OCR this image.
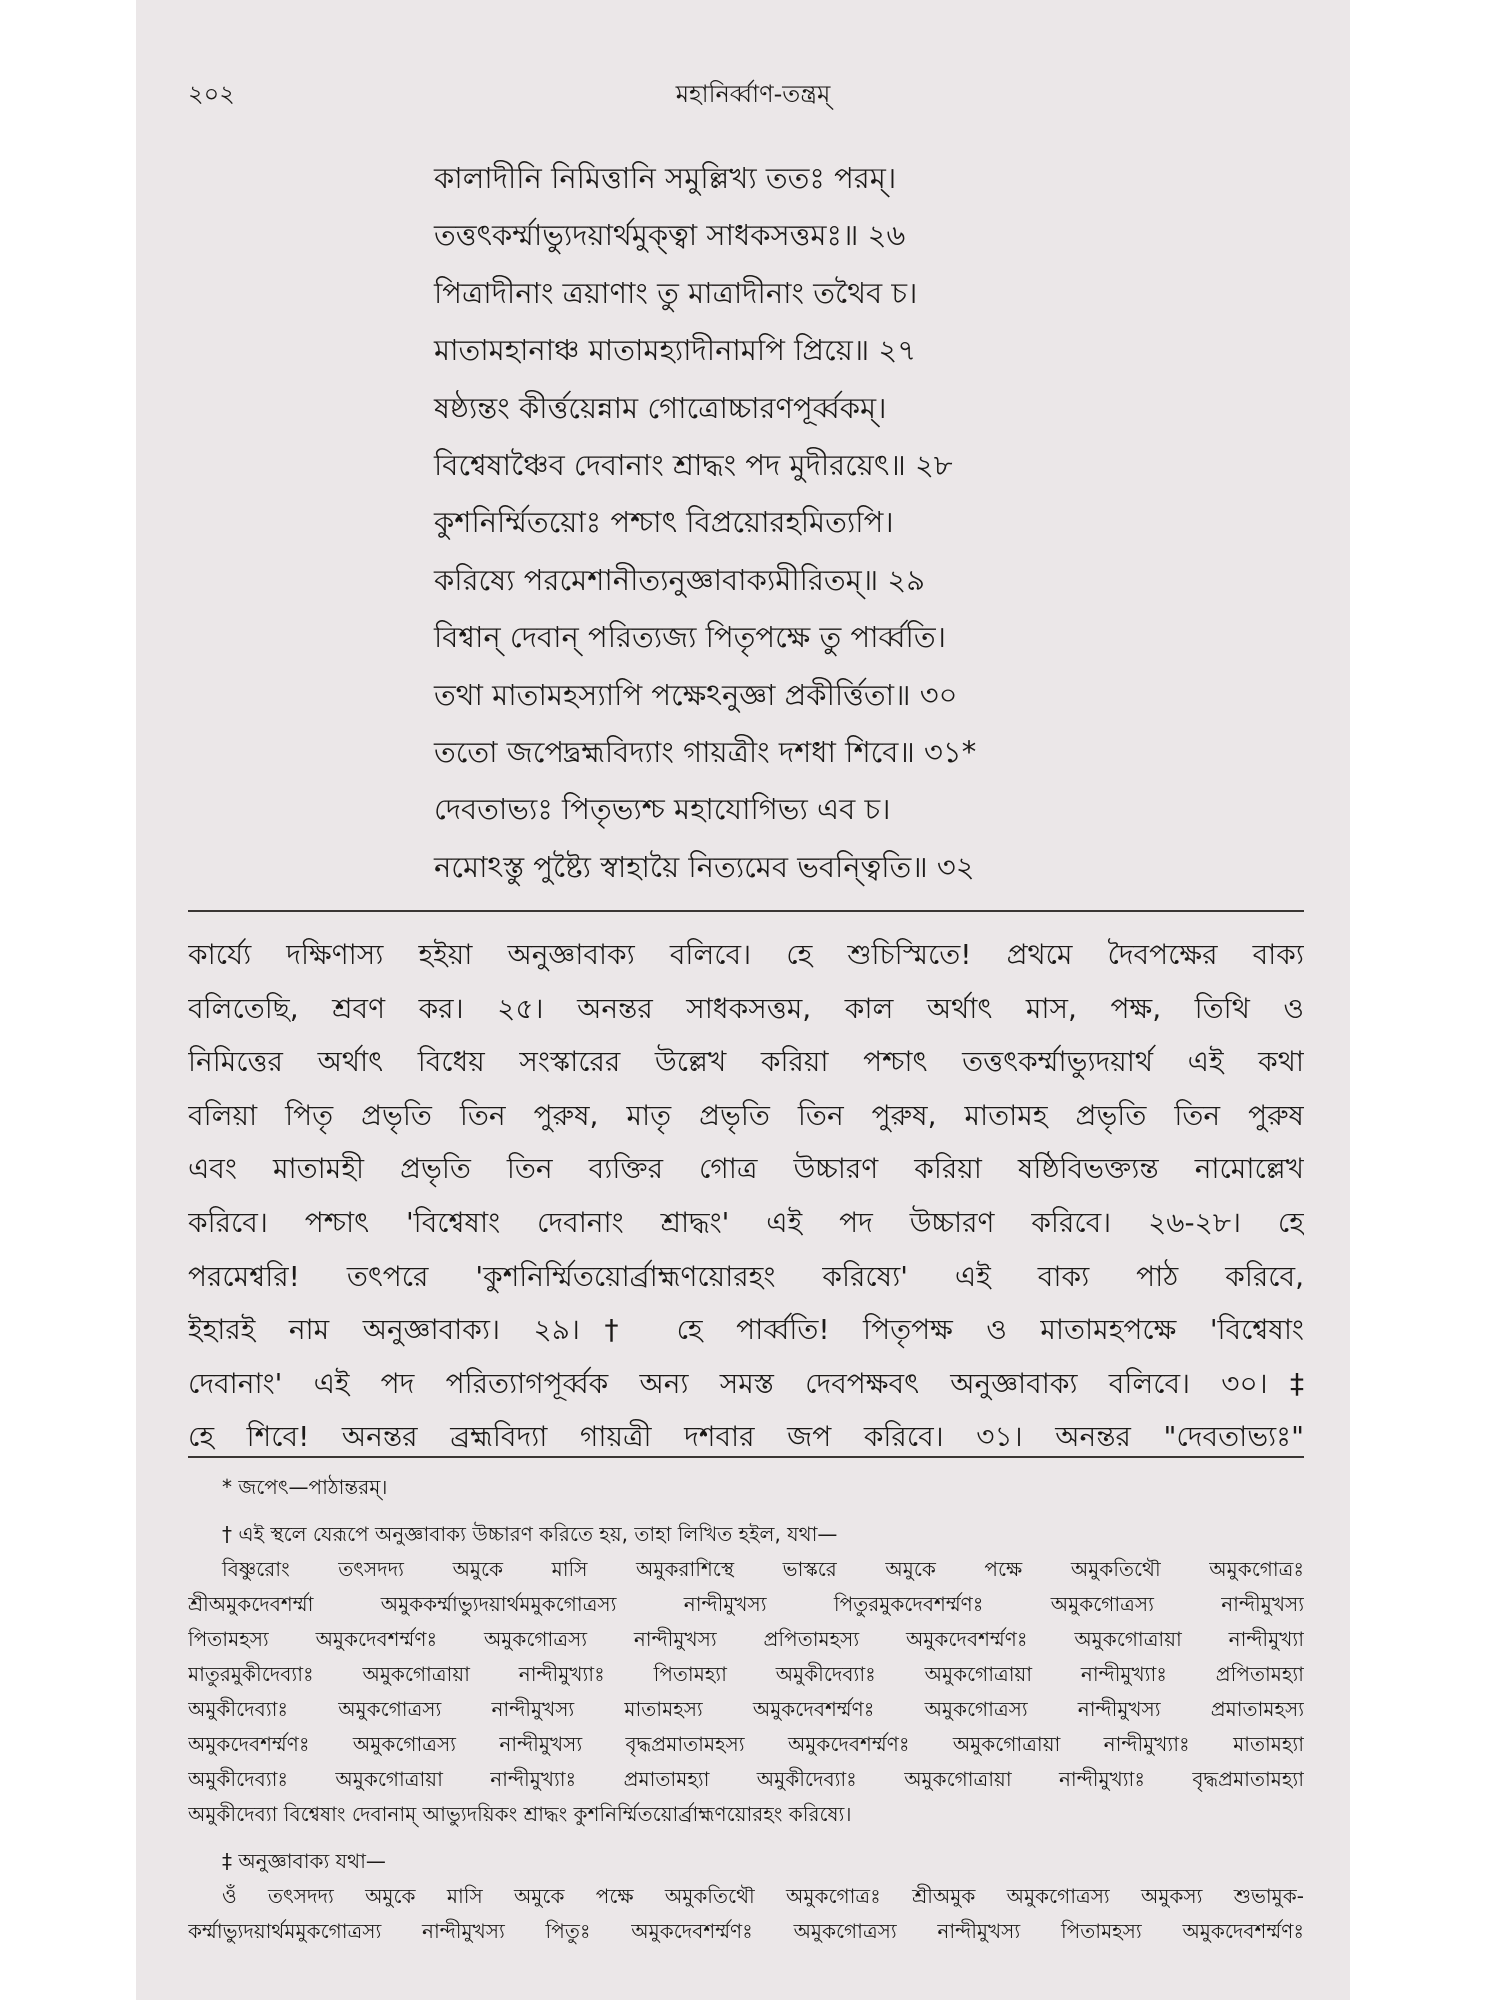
২০২	মহানির্ব্বাণ-তন্ত্রম্
কালাদীনি নিমিত্তানি সমুল্লিখ্য ততঃ পরম্।
তত্তৎকর্ম্মাভ্যুদয়ার্থমুক্ত্বা সাধকসত্তমঃ॥ ২৬
পিত্রাদীনাং ত্রয়াণাং তু মাত্রাদীনাং তথৈব চ।
মাতামহানাঞ্চ মাতামহ্যাদীনামপি প্রিয়ে॥ ২৭
ষষ্ঠ্যন্তং কীর্ত্তয়েন্নাম গোত্রোচ্চারণপূর্ব্বকম্।
বিশ্বেষাঞ্চৈব দেবানাং শ্রাদ্ধং পদ মুদীরয়েৎ॥ ২৮
কুশনির্ম্মিতয়োঃ পশ্চাৎ বিপ্রয়োরহমিত্যপি।
করিষ্যে পরমেশানীত্যনুজ্ঞাবাক্যমীরিতম্॥ ২৯
বিশ্বান্ দেবান্ পরিত্যজ্য পিতৃপক্ষে তু পার্ব্বতি।
তথা মাতামহস্যাপি পক্ষেঽনুজ্ঞা প্রকীর্ত্তিতা॥ ৩০
ততো জপেদ্ব্রহ্মবিদ্যাং গায়ত্রীং দশধা শিবে॥ ৩১*
দেবতাভ্যঃ পিতৃভ্যশ্চ মহাযোগিভ্য এব চ।
নমোঽস্তু পুষ্ট্যৈ স্বাহায়ৈ নিত্যমেব ভবন্ত্বিতি॥ ৩২
কার্য্যে দক্ষিণাস্য হইয়া অনুজ্ঞাবাক্য বলিবে। হে শুচিস্মিতে! প্রথমে দৈবপক্ষের বাক্য
বলিতেছি, শ্রবণ কর। ২৫। অনন্তর সাধকসত্তম, কাল অর্থাৎ মাস, পক্ষ, তিথি ও
নিমিত্তের অর্থাৎ বিধেয় সংস্কারের উল্লেখ করিয়া পশ্চাৎ তত্তৎকর্ম্মাভ্যুদয়ার্থ এই কথা
বলিয়া পিতৃ প্রভৃতি তিন পুরুষ, মাতৃ প্রভৃতি তিন পুরুষ, মাতামহ প্রভৃতি তিন পুরুষ
এবং মাতামহী প্রভৃতি তিন ব্যক্তির গোত্র উচ্চারণ করিয়া ষষ্ঠিবিভক্ত্যন্ত নামোল্লেখ
করিবে। পশ্চাৎ 'বিশ্বেষাং দেবানাং শ্রাদ্ধং' এই পদ উচ্চারণ করিবে। ২৬-২৮। হে
পরমেশ্বরি! তৎপরে 'কুশনির্ম্মিতয়োর্ব্রাহ্মণয়োরহং করিষ্যে' এই বাক্য পাঠ করিবে,
ইহারই নাম অনুজ্ঞাবাক্য। ২৯।† হে পার্ব্বতি! পিতৃপক্ষ ও মাতামহপক্ষে 'বিশ্বেষাং
দেবানাং' এই পদ পরিত্যাগপূর্ব্বক অন্য সমস্ত দেবপক্ষবৎ অনুজ্ঞাবাক্য বলিবে। ৩০।‡
হে শিবে! অনন্তর ব্রহ্মবিদ্যা গায়ত্রী দশবার জপ করিবে। ৩১। অনন্তর "দেবতাভ্যঃ"
* জপেৎ—পাঠান্তরম্।
† এই স্থলে যেরূপে অনুজ্ঞাবাক্য উচ্চারণ করিতে হয়, তাহা লিখিত হইল, যথা—
বিষ্ণুরোং তৎসদদ্য অমুকে মাসি অমুকরাশিস্থে ভাস্করে অমুকে পক্ষে অমুকতিথৌ অমুকগোত্রঃ
শ্রীঅমুকদেবশর্ম্মা অমুককর্ম্মাভ্যুদয়ার্থমমুকগোত্রস্য নান্দীমুখস্য পিতুরমুকদেবশর্ম্মণঃ অমুকগোত্রস্য নান্দীমুখস্য
পিতামহস্য অমুকদেবশর্ম্মণঃ অমুকগোত্রস্য নান্দীমুখস্য প্রপিতামহস্য অমুকদেবশর্ম্মণঃ অমুকগোত্রায়া নান্দীমুখ্যা
মাতুরমুকীদেব্যাঃ অমুকগোত্রায়া নান্দীমুখ্যাঃ পিতামহ্যা অমুকীদেব্যাঃ অমুকগোত্রায়া নান্দীমুখ্যাঃ প্রপিতামহ্যা
অমুকীদেব্যাঃ অমুকগোত্রস্য নান্দীমুখস্য মাতামহস্য অমুকদেবশর্ম্মণঃ অমুকগোত্রস্য নান্দীমুখস্য প্রমাতামহস্য
অমুকদেবশর্ম্মণঃ অমুকগোত্রস্য নান্দীমুখস্য বৃদ্ধপ্রমাতামহস্য অমুকদেবশর্ম্মণঃ অমুকগোত্রায়া নান্দীমুখ্যাঃ মাতামহ্যা
অমুকীদেব্যাঃ অমুকগোত্রায়া নান্দীমুখ্যাঃ প্রমাতামহ্যা অমুকীদেব্যাঃ অমুকগোত্রায়া নান্দীমুখ্যাঃ বৃদ্ধপ্রমাতামহ্যা
অমুকীদেব্যা বিশ্বেষাং দেবানাম্ আভ্যুদয়িকং শ্রাদ্ধং কুশনির্ম্মিতয়োর্ব্রাহ্মণয়োরহং করিষ্যে।
‡ অনুজ্ঞাবাক্য যথা—
ওঁ তৎসদদ্য অমুকে মাসি অমুকে পক্ষে অমুকতিথৌ অমুকগোত্রঃ শ্রীঅমুক অমুকগোত্রস্য অমুকস্য শুভামুক-
কর্ম্মাভ্যুদয়ার্থমমুকগোত্রস্য নান্দীমুখস্য পিতুঃ অমুকদেবশর্ম্মণঃ অমুকগোত্রস্য নান্দীমুখস্য পিতামহস্য অমুকদেবশর্ম্মণঃ
